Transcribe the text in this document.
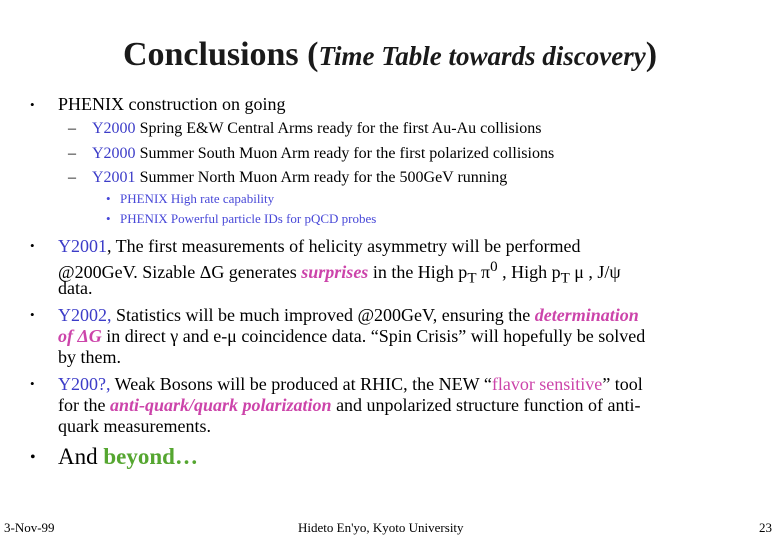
Conclusions (Time Table towards discovery)
• PHENIX construction on going
– Y2000 Spring E&W Central Arms ready for the first Au-Au collisions
– Y2000 Summer South Muon Arm ready for the first polarized collisions
– Y2001 Summer North Muon Arm ready for the 500GeV running
• PHENIX High rate capability
• PHENIX Powerful particle IDs for pQCD probes
• Y2001, The first measurements of helicity asymmetry will be performed
@200GeV. Sizable ΔG generates surprises in the High $p_T$ $\pi^0$ , High $p_T$ μ , J/ψ
data.
• Y2002, Statistics will be much improved @200GeV, ensuring the determination
of ΔG in direct γ and e-μ coincidence data. “Spin Crisis” will hopefully be solved
by them.
• Y200?, Weak Bosons will be produced at RHIC, the NEW “flavor sensitive” tool
for the anti-quark/quark polarization and unpolarized structure function of anti-
quark measurements.
• And beyond…
3-Nov-99	Hideto En'yo, Kyoto University	23
